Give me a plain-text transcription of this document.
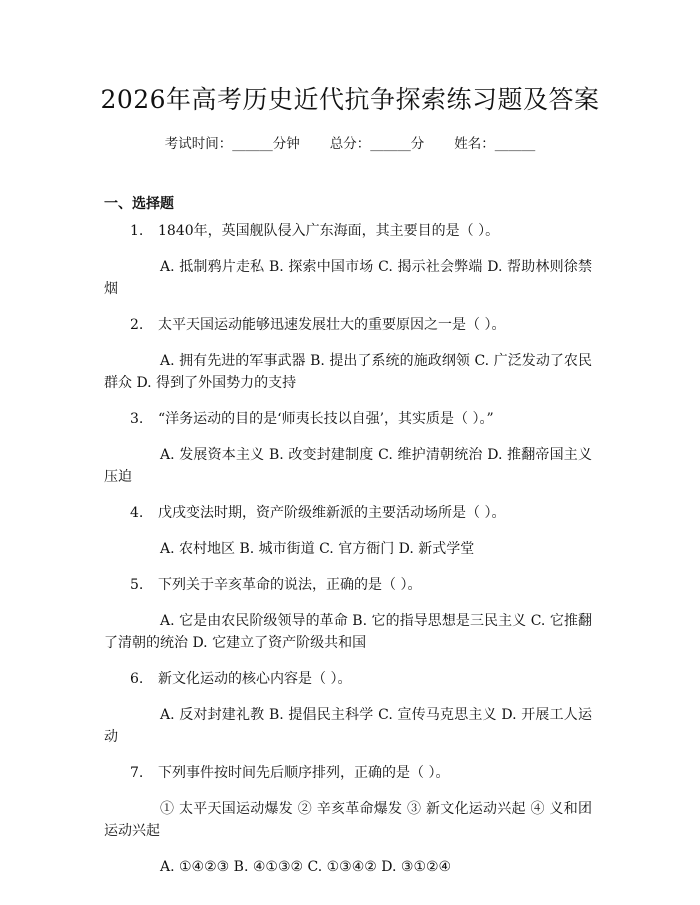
2026年高考历史近代抗争探索练习题及答案
考试时间：______分钟 总分：______分 姓名：______
一、选择题
1.	1840年，英国舰队侵入广东海面，其主要目的是（ ）。
A. 抵制鸦片走私 B. 探索中国市场 C. 揭示社会弊端 D. 帮助林则徐禁烟
2.	太平天国运动能够迅速发展壮大的重要原因之一是（ ）。
A. 拥有先进的军事武器 B. 提出了系统的施政纲领 C. 广泛发动了农民群众 D. 得到了外国势力的支持
3.	“洋务运动的目的是‘师夷长技以自强’，其实质是（ ）。”
A. 发展资本主义 B. 改变封建制度 C. 维护清朝统治 D. 推翻帝国主义压迫
4.	戊戌变法时期，资产阶级维新派的主要活动场所是（ ）。
A. 农村地区 B. 城市街道 C. 官方衙门 D. 新式学堂
5.	下列关于辛亥革命的说法，正确的是（ ）。
A. 它是由农民阶级领导的革命 B. 它的指导思想是三民主义 C. 它推翻了清朝的统治 D. 它建立了资产阶级共和国
6.	新文化运动的核心内容是（ ）。
A. 反对封建礼教 B. 提倡民主科学 C. 宣传马克思主义 D. 开展工人运动
7.	下列事件按时间先后顺序排列，正确的是（ ）。
① 太平天国运动爆发 ② 辛亥革命爆发 ③ 新文化运动兴起 ④ 义和团运动兴起
A. ①④②③ B. ④①③② C. ①③④② D. ③①②④
